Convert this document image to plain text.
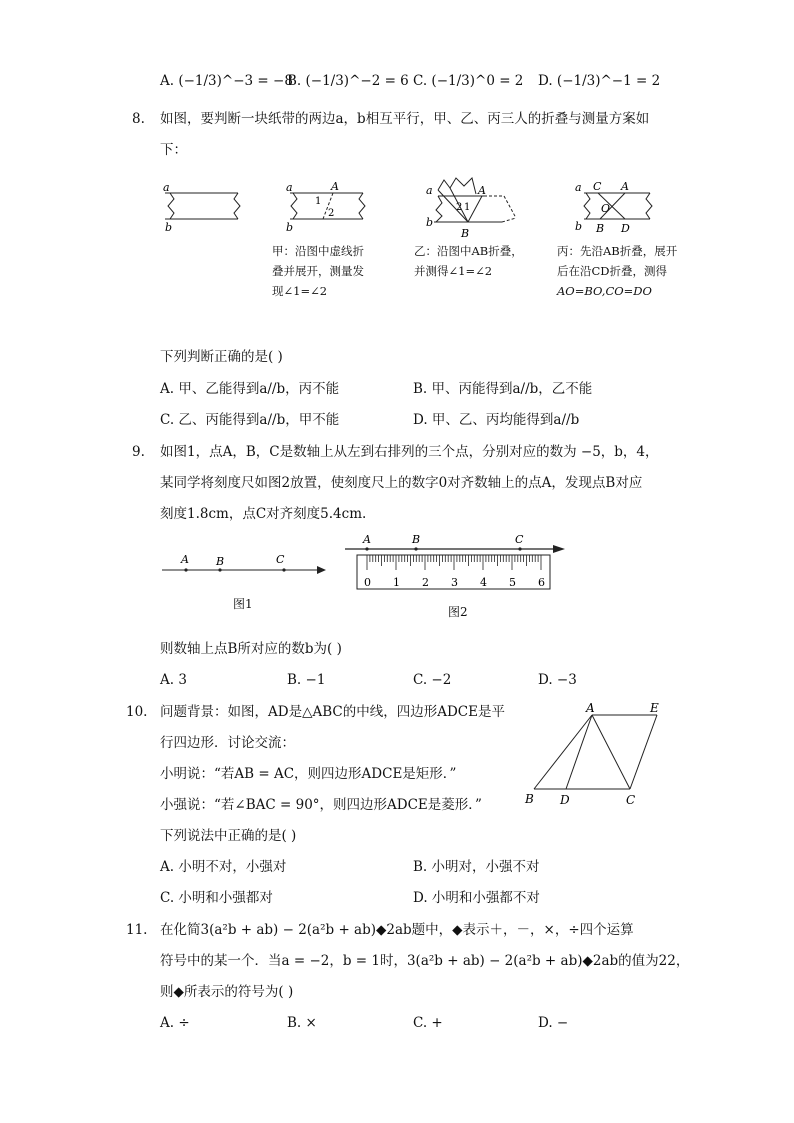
A. (−1/3)^−3 = −8
B. (−1/3)^−2 = 6 C. (−1/3)^0 = 2 D. (−1/3)^−1 = 2
8. 如图，要判断一块纸带的两边a，b相互平行，甲、乙、丙三人的折叠与测量方案如
下：
a
b
a
b
A
1
2
a
b
A
B
2 1
a
b
C A
O
B D
甲：沿图中虚线折
叠并展开，测量发
现∠1=∠2
乙：沿图中AB折叠，
并测得∠1=∠2
丙：先沿AB折叠，展开
后在沿CD折叠，测得
AO=BO,CO=DO
下列判断正确的是( )
A. 甲、乙能得到a//b，丙不能	B. 甲、丙能得到a//b，乙不能
C. 乙、丙能得到a//b，甲不能	D. 甲、乙、丙均能得到a//b
9. 如图1，点A，B，C是数轴上从左到右排列的三个点，分别对应的数为 −5，b，4，
某同学将刻度尺如图2放置，使刻度尺上的数字0对齐数轴上的点A，发现点B对应
刻度1.8cm，点C对齐刻度5.4cm.
A B	C
图1
A	B	C
0 1 2 3 4 5 6
图2
则数轴上点B所对应的数b为( )
A. 3	B. −1	C. −2	D. −3
10. 问题背景：如图，AD是△ABC的中线，四边形ADCE是平
行四边形．讨论交流：
小明说：“若AB = AC，则四边形ADCE是矩形．”
小强说：“若∠BAC = 90°，则四边形ADCE是菱形．”
下列说法中正确的是( )
A	E
B D	C
A. 小明不对，小强对	B. 小明对，小强不对
C. 小明和小强都对	D. 小明和小强都不对
11. 在化简3(a²b + ab) − 2(a²b + ab)◆2ab题中，◆表示＋，－，×，÷四个运算
符号中的某一个．当a = −2，b = 1时，3(a²b + ab) − 2(a²b + ab)◆2ab的值为22，
则◆所表示的符号为( )
A. ÷	B. ×	C. +	D. −
